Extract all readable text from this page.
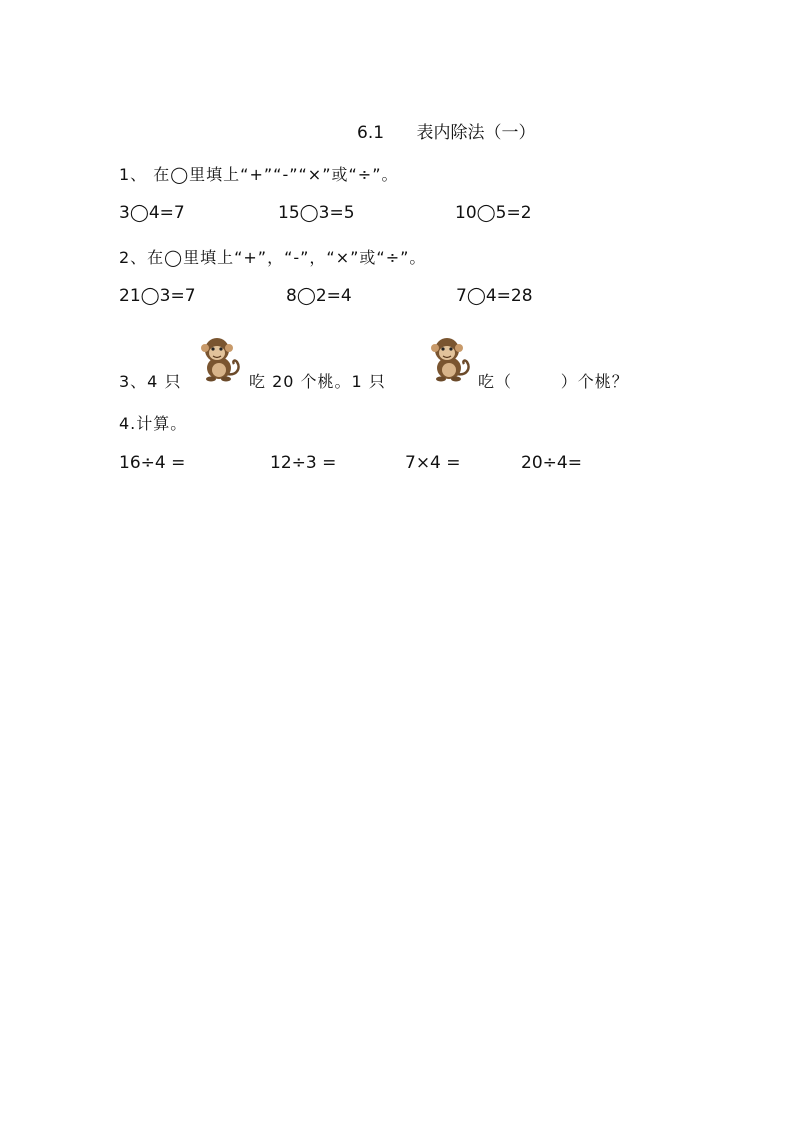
6.1      表内除法（一）
1、 在◯里填上“+”“-”“×”或“÷”。
3◯4=7	15◯3=5	10◯5=2
2、在◯里填上“+”，“-”，“×”或“÷”。
21◯3=7	8◯2=4	7◯4=28
3、4 只	吃 20 个桃。1 只	吃（        ）个桃？
4.计算。
16÷4 =	12÷3 =	7×4 =	20÷4=
